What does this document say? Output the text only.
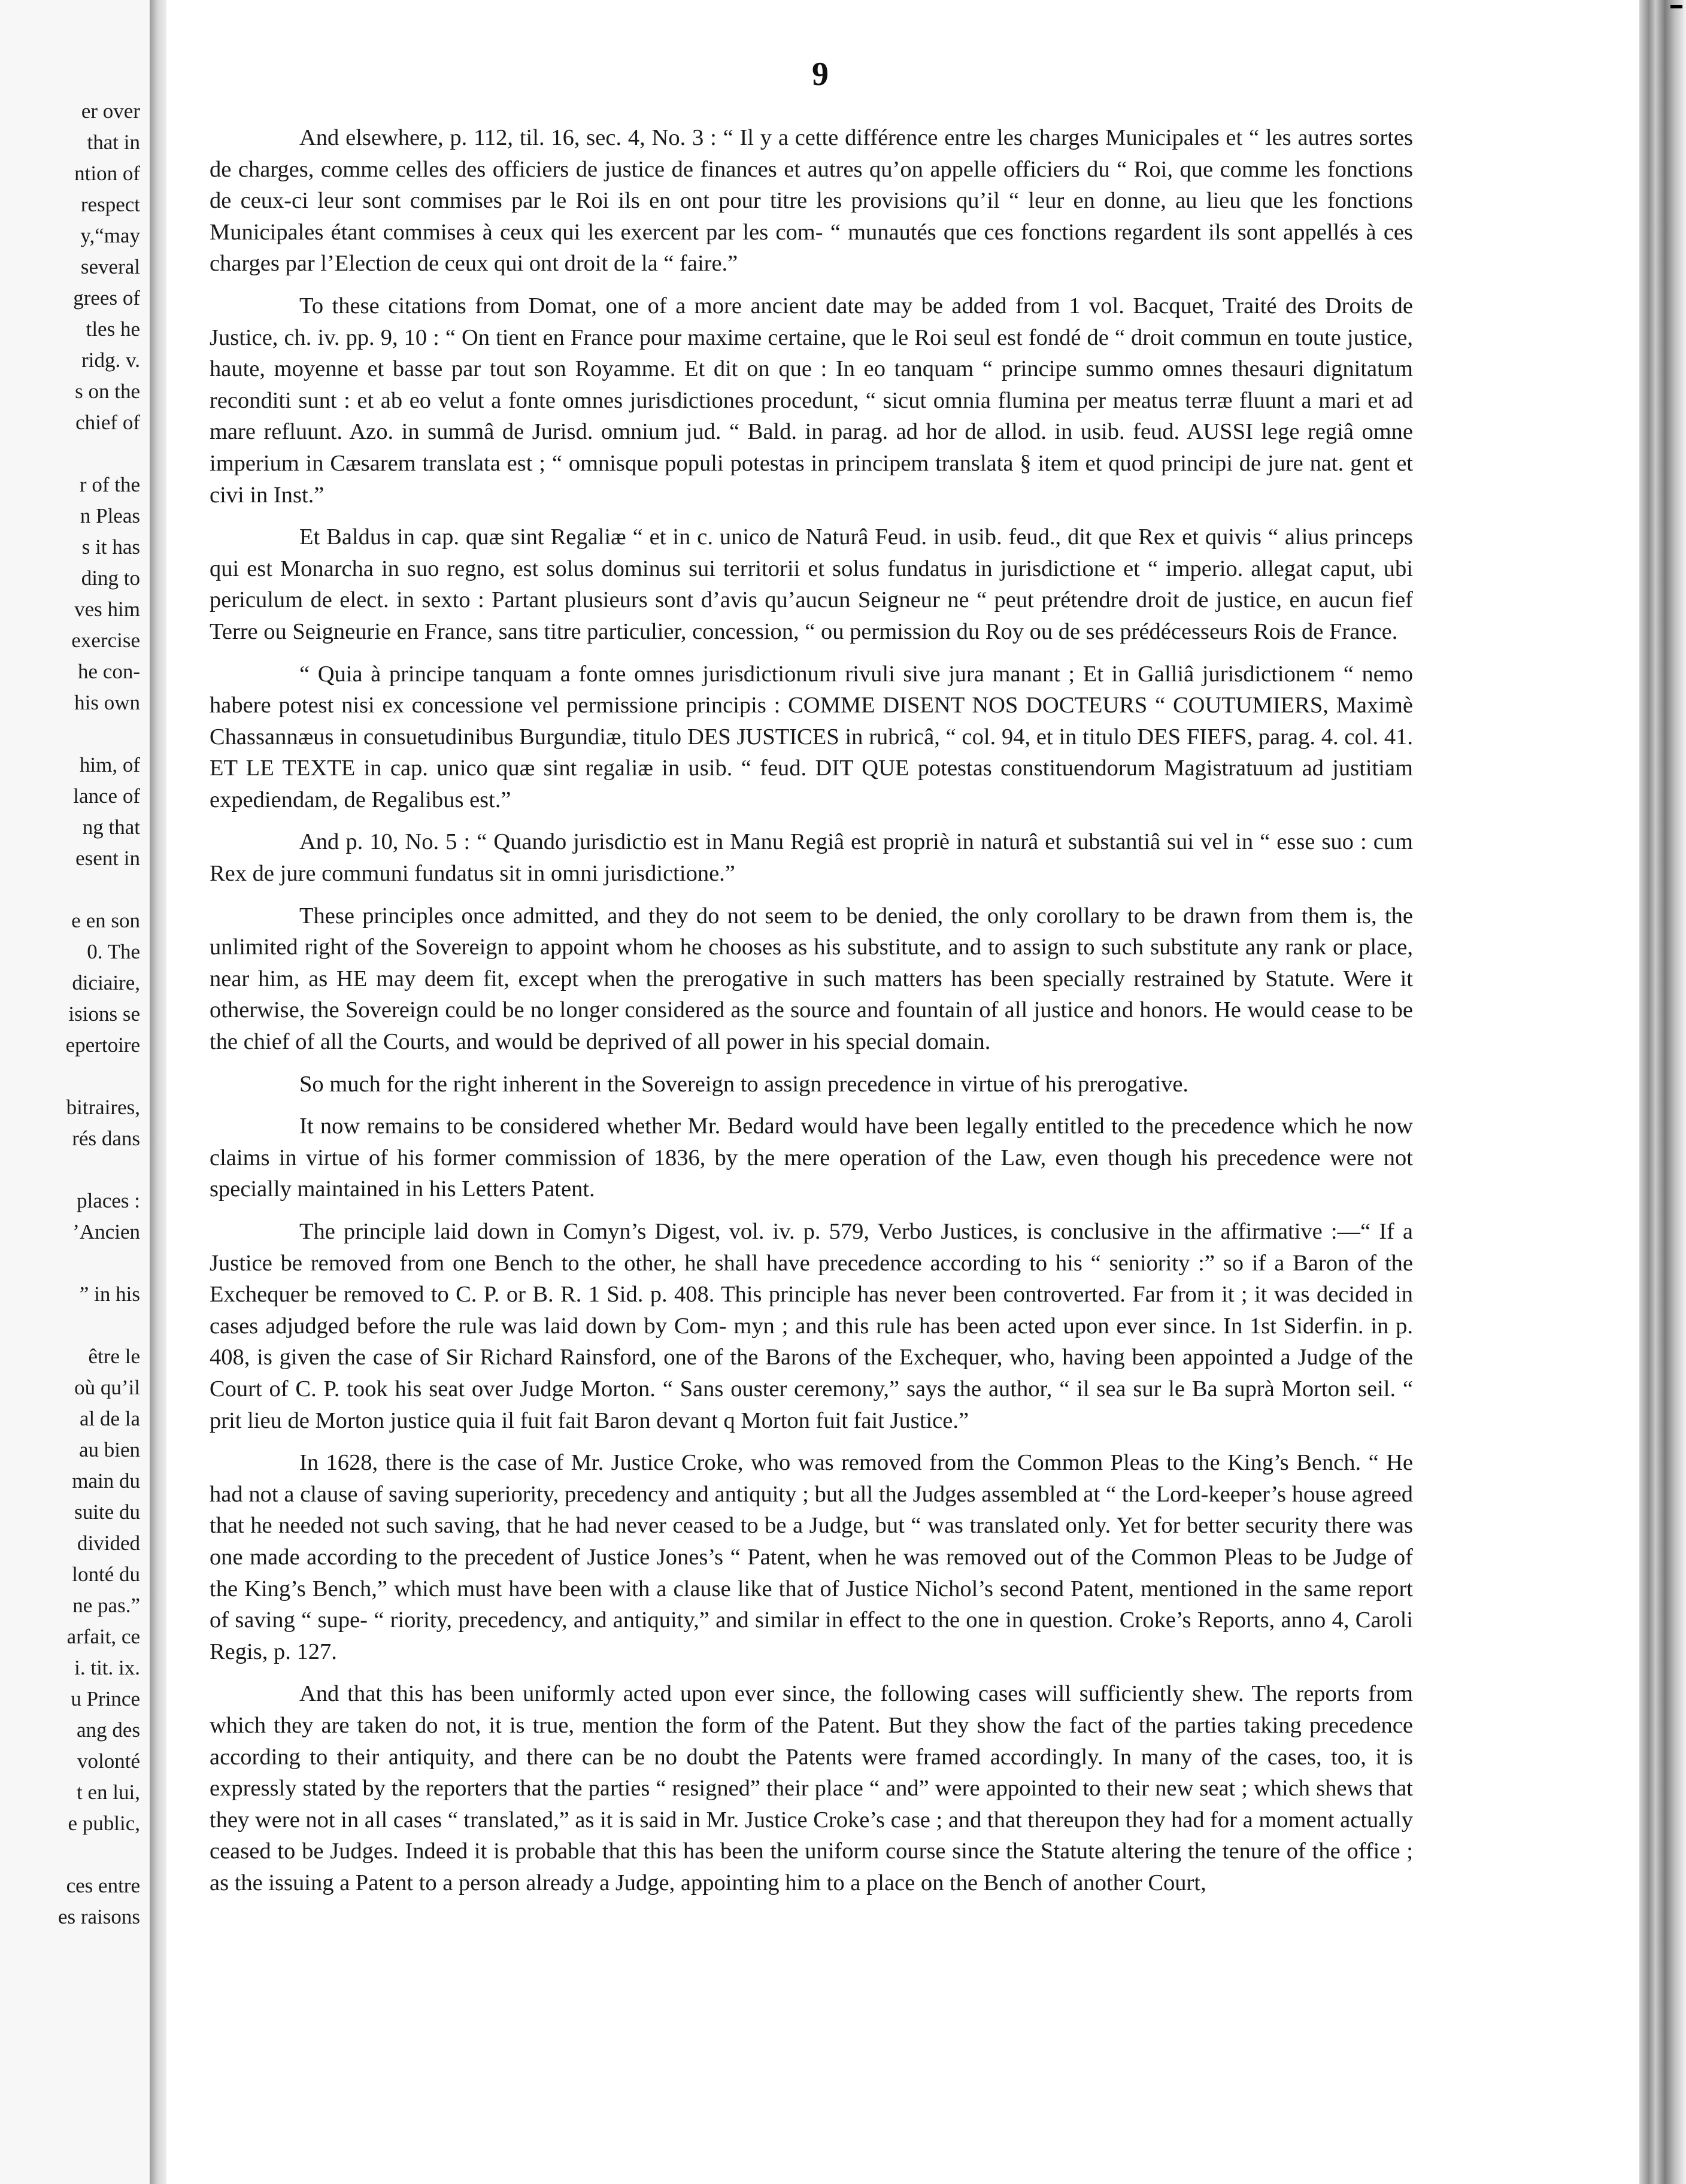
er over
that in
ntion of
respect
y,“may
several
grees of
tles he
ridg. v.
s on the
chief of
r of the
n Pleas
s it has
ding to
ves him
exercise
he con-
his own
him, of
lance of
ng that
esent in
e en son
0. The
diciaire,
isions se
epertoire
bitraires,
rés dans
places :
’Ancien
” in his
être le
où qu’il
al de la
au bien
main du
suite du
divided
lonté du
ne pas.”
arfait, ce
i. tit. ix.
u Prince
ang des
volonté
t en lui,
e public,
ces entre
es raisons
9

And elsewhere, p. 112, til. 16, sec. 4, No. 3 : “ Il y a cette différence entre les charges Municipales et “ les autres sortes de charges, comme celles des officiers de justice de finances et autres qu’on appelle officiers du “ Roi, que comme les fonctions de ceux-ci leur sont commises par le Roi ils en ont pour titre les provisions qu’il “ leur en donne, au lieu que les fonctions Municipales étant commises à ceux qui les exercent par les com- “ munautés que ces fonctions regardent ils sont appellés à ces charges par l’Election de ceux qui ont droit de la “ faire.”

To these citations from Domat, one of a more ancient date may be added from 1 vol. Bacquet, Traité des Droits de Justice, ch. iv. pp. 9, 10 : “ On tient en France pour maxime certaine, que le Roi seul est fondé de “ droit commun en toute justice, haute, moyenne et basse par tout son Royamme. Et dit on que : In eo tanquam “ principe summo omnes thesauri dignitatum reconditi sunt : et ab eo velut a fonte omnes jurisdictiones procedunt, “ sicut omnia flumina per meatus terræ fluunt a mari et ad mare refluunt. Azo. in summâ de Jurisd. omnium jud. “ Bald. in parag. ad hor de allod. in usib. feud. AUSSI lege regiâ omne imperium in Cæsarem translata est ; “ omnisque populi potestas in principem translata § item et quod principi de jure nat. gent et civi in Inst.”

Et Baldus in cap. quæ sint Regaliæ “ et in c. unico de Naturâ Feud. in usib. feud., dit que Rex et quivis “ alius princeps qui est Monarcha in suo regno, est solus dominus sui territorii et solus fundatus in jurisdictione et “ imperio. allegat caput, ubi periculum de elect. in sexto : Partant plusieurs sont d’avis qu’aucun Seigneur ne “ peut prétendre droit de justice, en aucun fief Terre ou Seigneurie en France, sans titre particulier, concession, “ ou permission du Roy ou de ses prédécesseurs Rois de France.

“ Quia à principe tanquam a fonte omnes jurisdictionum rivuli sive jura manant ; Et in Galliâ jurisdictionem “ nemo habere potest nisi ex concessione vel permissione principis : COMME DISENT NOS DOCTEURS “ COUTUMIERS, Maximè Chassannæus in consuetudinibus Burgundiæ, titulo DES JUSTICES in rubricâ, “ col. 94, et in titulo DES FIEFS, parag. 4. col. 41. ET LE TEXTE in cap. unico quæ sint regaliæ in usib. “ feud. DIT QUE potestas constituendorum Magistratuum ad justitiam expediendam, de Regalibus est.”

And p. 10, No. 5 : “ Quando jurisdictio est in Manu Regiâ est propriè in naturâ et substantiâ sui vel in “ esse suo : cum Rex de jure communi fundatus sit in omni jurisdictione.”

These principles once admitted, and they do not seem to be denied, the only corollary to be drawn from them is, the unlimited right of the Sovereign to appoint whom he chooses as his substitute, and to assign to such substitute any rank or place, near him, as HE may deem fit, except when the prerogative in such matters has been specially restrained by Statute. Were it otherwise, the Sovereign could be no longer considered as the source and fountain of all justice and honors. He would cease to be the chief of all the Courts, and would be deprived of all power in his special domain.

So much for the right inherent in the Sovereign to assign precedence in virtue of his prerogative.

It now remains to be considered whether Mr. Bedard would have been legally entitled to the precedence which he now claims in virtue of his former commission of 1836, by the mere operation of the Law, even though his precedence were not specially maintained in his Letters Patent.

The principle laid down in Comyn’s Digest, vol. iv. p. 579, Verbo Justices, is conclusive in the affirmative :—“ If a Justice be removed from one Bench to the other, he shall have precedence according to his “ seniority :” so if a Baron of the Exchequer be removed to C. P. or B. R. 1 Sid. p. 408. This principle has never been controverted. Far from it ; it was decided in cases adjudged before the rule was laid down by Com- myn ; and this rule has been acted upon ever since. In 1st Siderfin. in p. 408, is given the case of Sir Richard Rainsford, one of the Barons of the Exchequer, who, having been appointed a Judge of the Court of C. P. took his seat over Judge Morton. “ Sans ouster ceremony,” says the author, “ il sea sur le Ba suprà Morton seil. “ prit lieu de Morton justice quia il fuit fait Baron devant q Morton fuit fait Justice.”

In 1628, there is the case of Mr. Justice Croke, who was removed from the Common Pleas to the King’s Bench. “ He had not a clause of saving superiority, precedency and antiquity ; but all the Judges assembled at “ the Lord-keeper’s house agreed that he needed not such saving, that he had never ceased to be a Judge, but “ was translated only. Yet for better security there was one made according to the precedent of Justice Jones’s “ Patent, when he was removed out of the Common Pleas to be Judge of the King’s Bench,” which must have been with a clause like that of Justice Nichol’s second Patent, mentioned in the same report of saving “ supe- “ riority, precedency, and antiquity,” and similar in effect to the one in question. Croke’s Reports, anno 4, Caroli Regis, p. 127.

And that this has been uniformly acted upon ever since, the following cases will sufficiently shew. The reports from which they are taken do not, it is true, mention the form of the Patent. But they show the fact of the parties taking precedence according to their antiquity, and there can be no doubt the Patents were framed accordingly. In many of the cases, too, it is expressly stated by the reporters that the parties “ resigned” their place “ and” were appointed to their new seat ; which shews that they were not in all cases “ translated,” as it is said in Mr. Justice Croke’s case ; and that thereupon they had for a moment actually ceased to be Judges. Indeed it is probable that this has been the uniform course since the Statute altering the tenure of the office ; as the issuing a Patent to a person already a Judge, appointing him to a place on the Bench of another Court,
